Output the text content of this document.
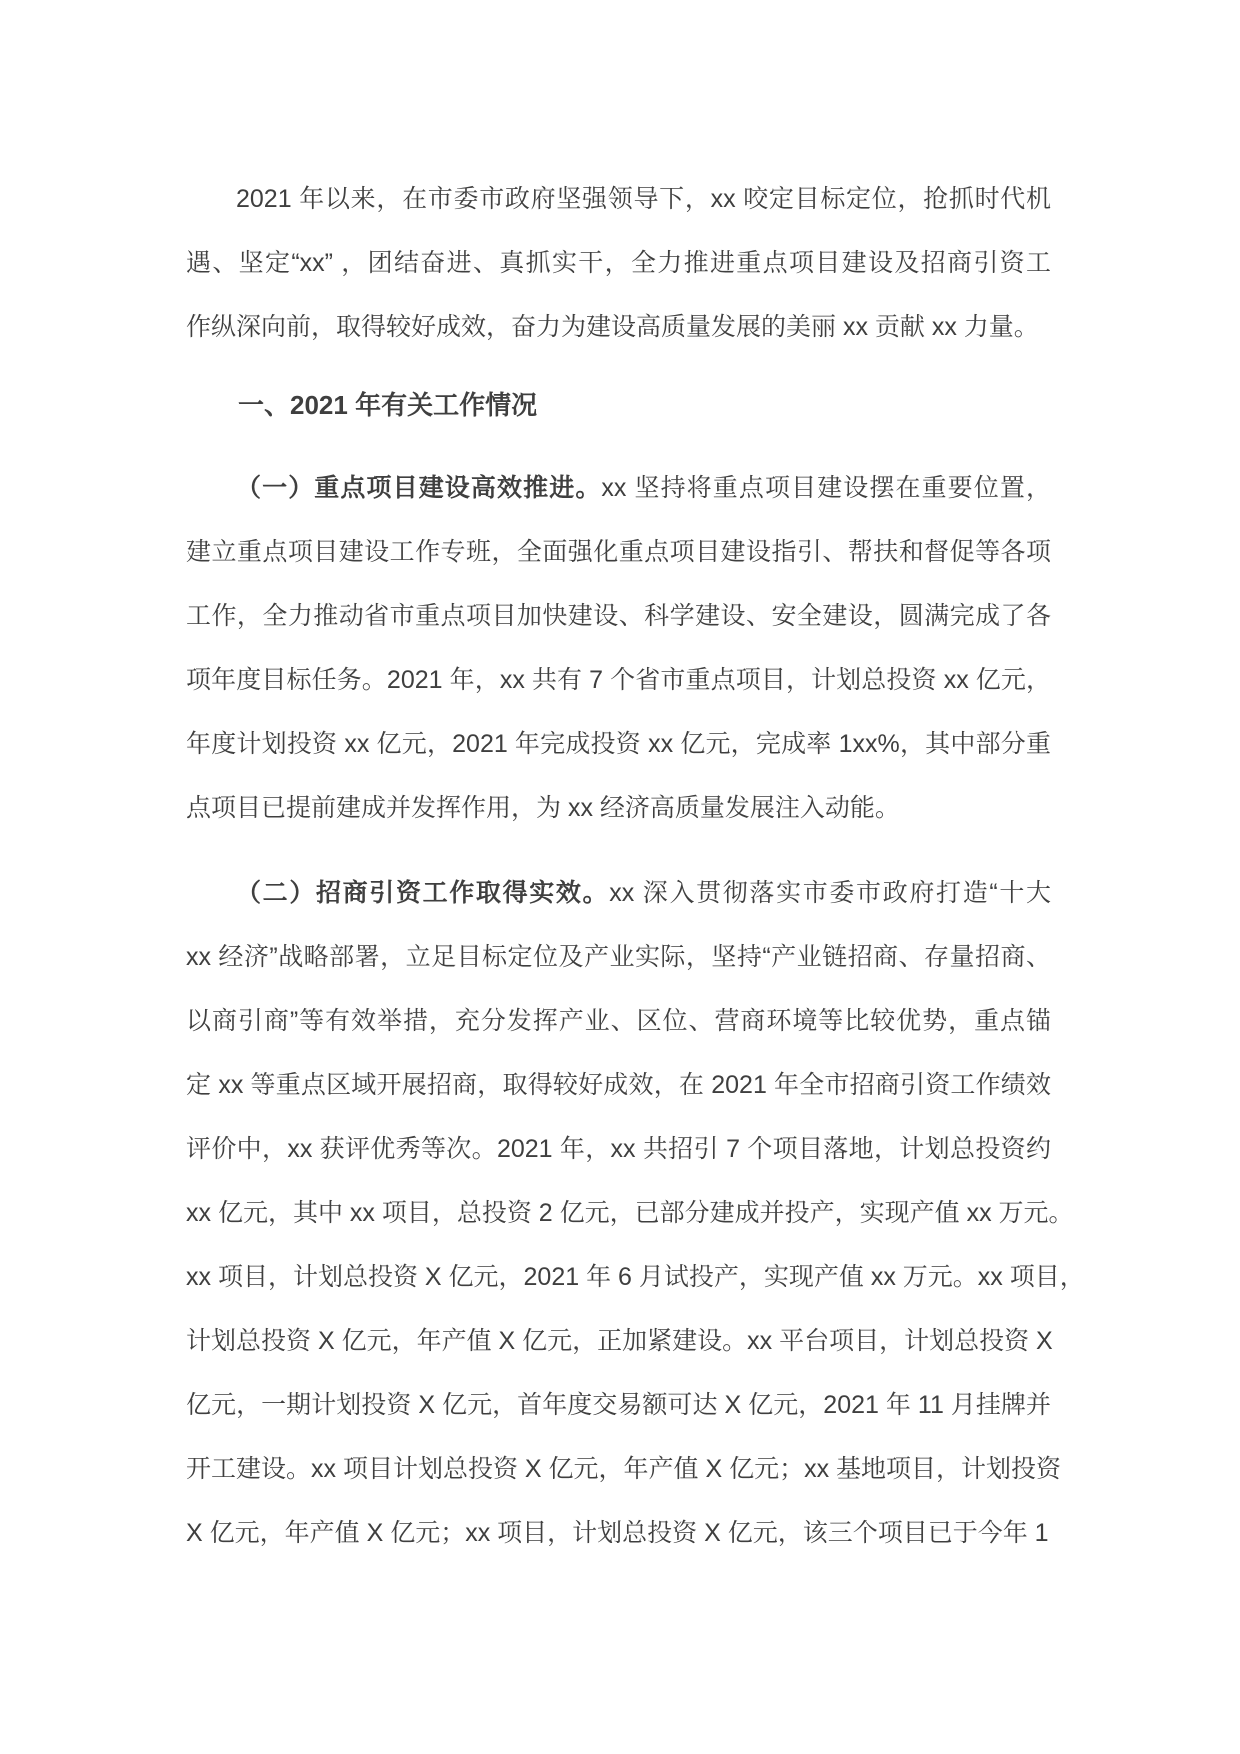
2021 年以来，在市委市政府坚强领导下，xx 咬定目标定位，抢抓时代机
遇、坚定“xx” ，团结奋进、真抓实干，全力推进重点项目建设及招商引资工
作纵深向前，取得较好成效，奋力为建设高质量发展的美丽 xx 贡献 xx 力量。
一、2021 年有关工作情况
（一）重点项目建设高效推进。xx 坚持将重点项目建设摆在重要位置，
建立重点项目建设工作专班，全面强化重点项目建设指引、帮扶和督促等各项
工作，全力推动省市重点项目加快建设、科学建设、安全建设，圆满完成了各
项年度目标任务。2021 年，xx 共有 7 个省市重点项目，计划总投资 xx 亿元，
年度计划投资 xx 亿元，2021 年完成投资 xx 亿元，完成率 1xx%，其中部分重
点项目已提前建成并发挥作用，为 xx 经济高质量发展注入动能。
（二）招商引资工作取得实效。xx 深入贯彻落实市委市政府打造“十大
xx 经济”战略部署，立足目标定位及产业实际，坚持“产业链招商、存量招商、
以商引商”等有效举措，充分发挥产业、区位、营商环境等比较优势，重点锚
定 xx 等重点区域开展招商，取得较好成效，在 2021 年全市招商引资工作绩效
评价中，xx 获评优秀等次。2021 年，xx 共招引 7 个项目落地，计划总投资约
xx 亿元，其中 xx 项目，总投资 2 亿元，已部分建成并投产，实现产值 xx 万元。
xx 项目，计划总投资 X 亿元，2021 年 6 月试投产，实现产值 xx 万元。xx 项目，
计划总投资 X 亿元，年产值 X 亿元，正加紧建设。xx 平台项目，计划总投资 X
亿元，一期计划投资 X 亿元，首年度交易额可达 X 亿元，2021 年 11 月挂牌并
开工建设。xx 项目计划总投资 X 亿元，年产值 X 亿元；xx 基地项目，计划投资
X 亿元，年产值 X 亿元；xx 项目，计划总投资 X 亿元，该三个项目已于今年 1
